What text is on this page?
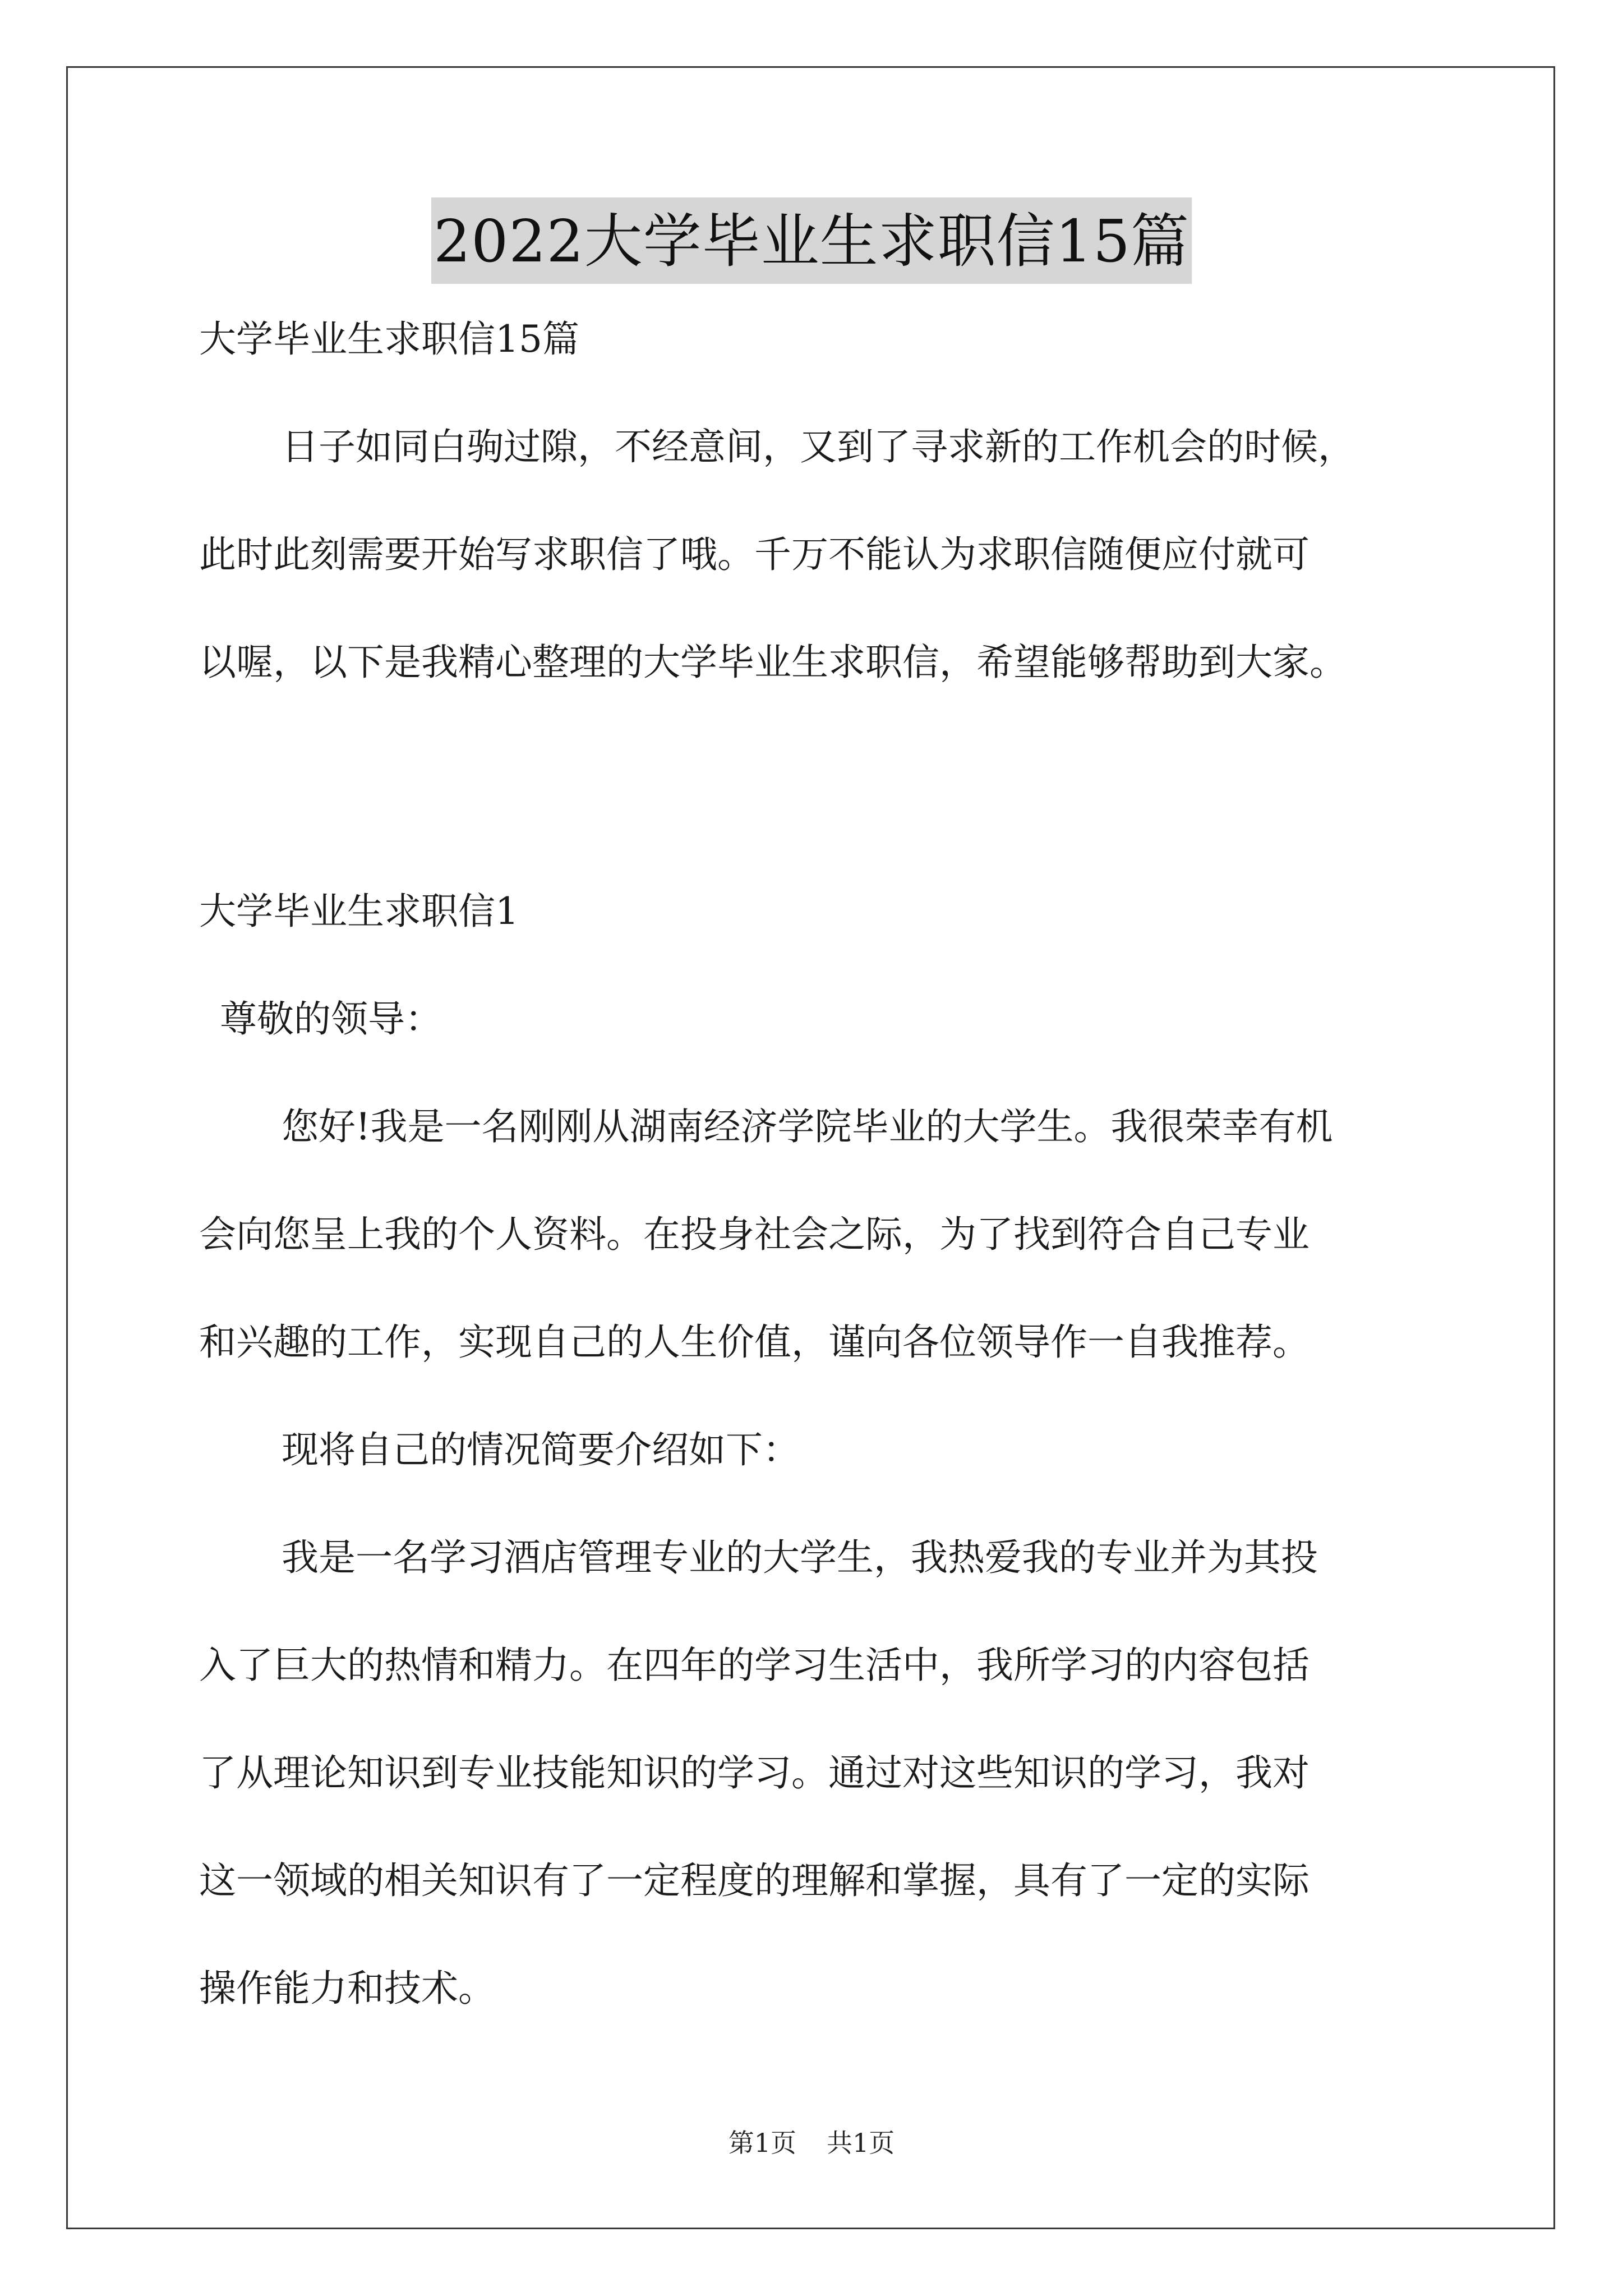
2022大学毕业生求职信15篇
大学毕业生求职信15篇
日子如同白驹过隙，不经意间，又到了寻求新的工作机会的时候，
此时此刻需要开始写求职信了哦。千万不能认为求职信随便应付就可
以喔，以下是我精心整理的大学毕业生求职信，希望能够帮助到大家。
大学毕业生求职信1
尊敬的领导：
您好!我是一名刚刚从湖南经济学院毕业的大学生。我很荣幸有机
会向您呈上我的个人资料。在投身社会之际，为了找到符合自己专业
和兴趣的工作，实现自己的人生价值，谨向各位领导作一自我推荐。
现将自己的情况简要介绍如下：
我是一名学习酒店管理专业的大学生，我热爱我的专业并为其投
入了巨大的热情和精力。在四年的学习生活中，我所学习的内容包括
了从理论知识到专业技能知识的学习。通过对这些知识的学习，我对
这一领域的相关知识有了一定程度的理解和掌握，具有了一定的实际
操作能力和技术。
第1页 共1页
